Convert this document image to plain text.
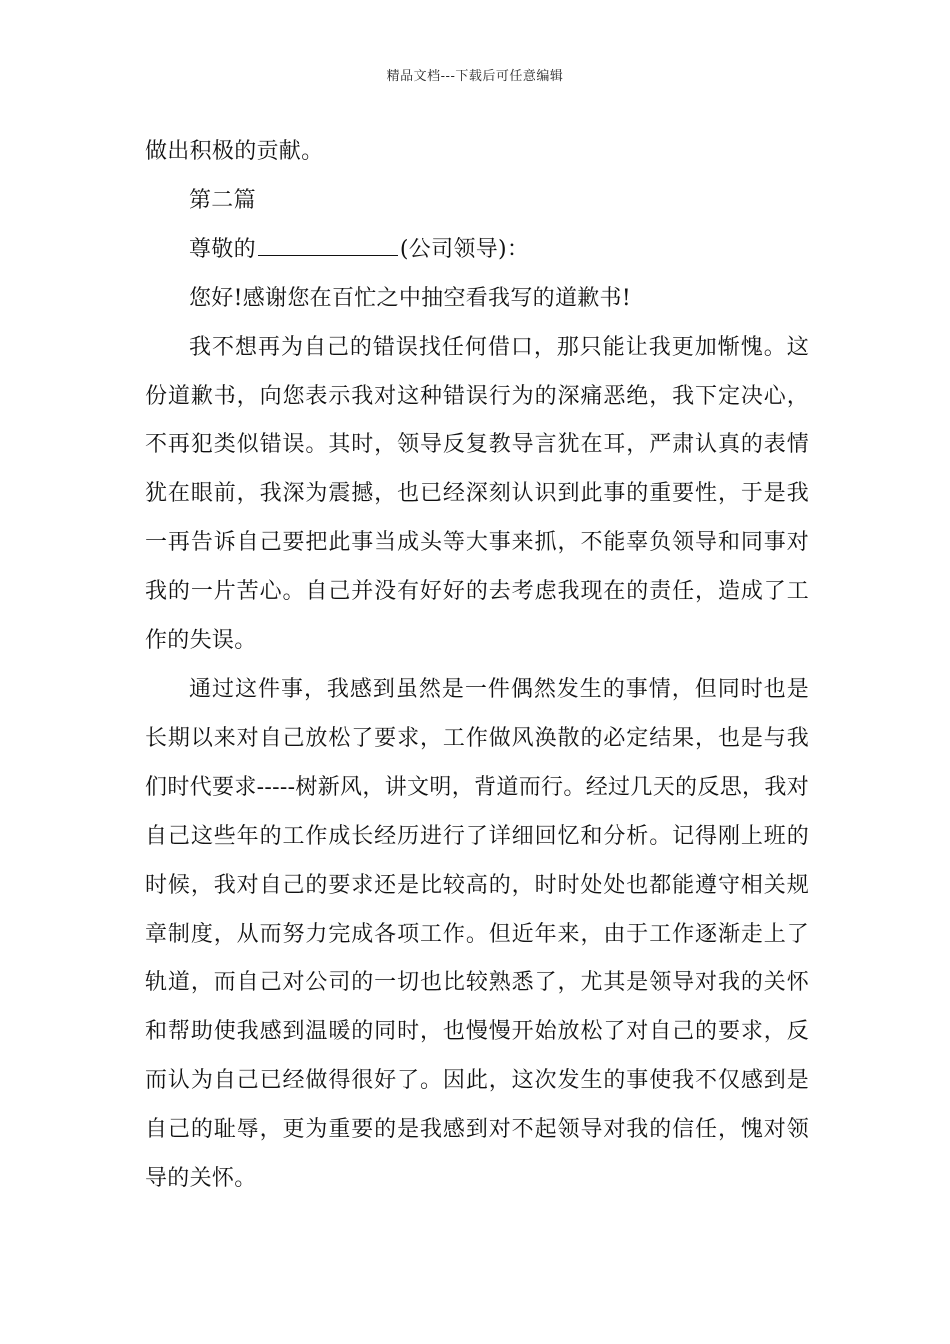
精品文档---下载后可任意编辑

做出积极的贡献。

第二篇

尊敬的	(公司领导)：

您好!感谢您在百忙之中抽空看我写的道歉书!

我不想再为自己的错误找任何借口，那只能让我更加惭愧。这份道歉书，向您表示我对这种错误行为的深痛恶绝，我下定决心，不再犯类似错误。其时，领导反复教导言犹在耳，严肃认真的表情犹在眼前，我深为震撼，也已经深刻认识到此事的重要性，于是我一再告诉自己要把此事当成头等大事来抓，不能辜负领导和同事对我的一片苦心。自己并没有好好的去考虑我现在的责任，造成了工作的失误。

通过这件事，我感到虽然是一件偶然发生的事情，但同时也是长期以来对自己放松了要求，工作做风涣散的必定结果，也是与我们时代要求-----树新风，讲文明，背道而行。经过几天的反思，我对自己这些年的工作成长经历进行了详细回忆和分析。记得刚上班的时候，我对自己的要求还是比较高的，时时处处也都能遵守相关规章制度，从而努力完成各项工作。但近年来，由于工作逐渐走上了轨道，而自己对公司的一切也比较熟悉了，尤其是领导对我的关怀和帮助使我感到温暖的同时，也慢慢开始放松了对自己的要求，反而认为自己已经做得很好了。因此，这次发生的事使我不仅感到是自己的耻辱，更为重要的是我感到对不起领导对我的信任，愧对领导的关怀。
